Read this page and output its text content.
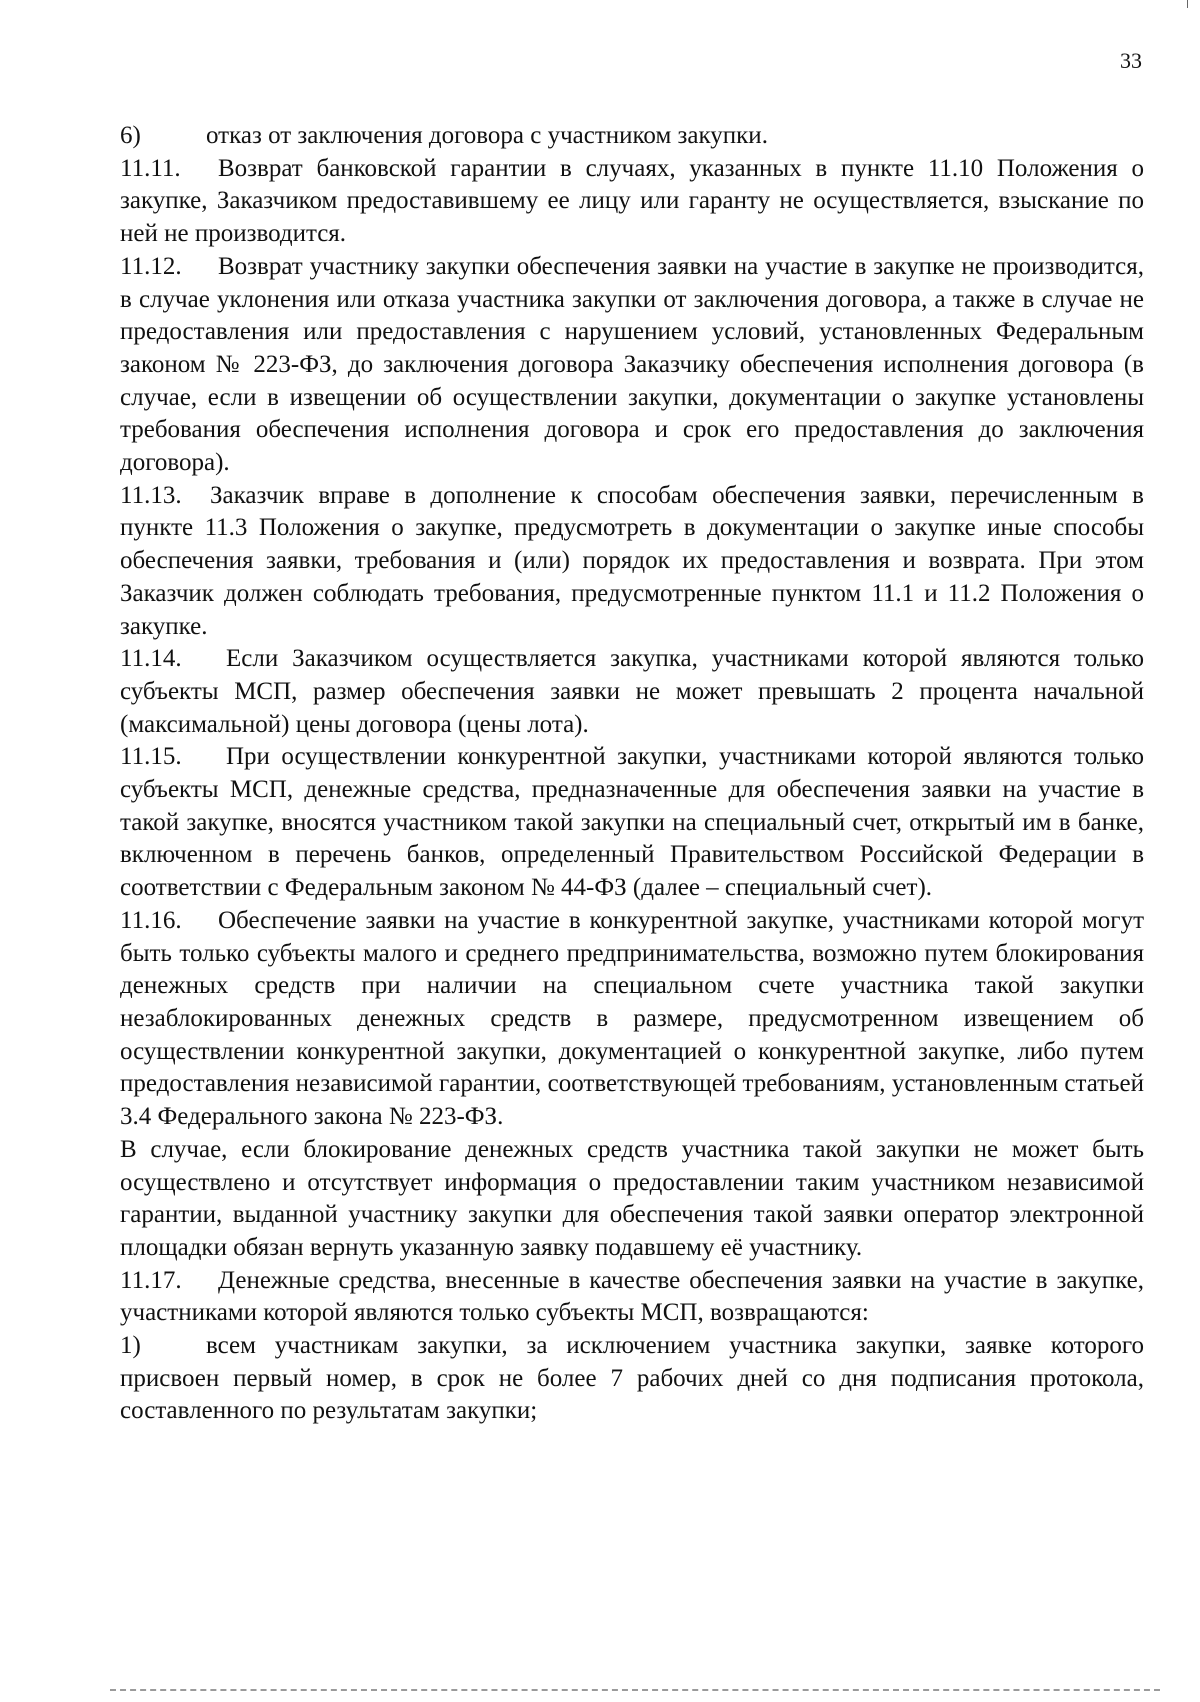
33

6)	отказ от заключения договора с участником закупки.

11.11. Возврат банковской гарантии в случаях, указанных в пункте 11.10 Положения о закупке, Заказчиком предоставившему ее лицу или гаранту не осуществляется, взыскание по ней не производится.

11.12. Возврат участнику закупки обеспечения заявки на участие в закупке не производится, в случае уклонения или отказа участника закупки от заключения договора, а также в случае не предоставления или предоставления с нарушением условий, установленных Федеральным законом № 223-ФЗ, до заключения договора Заказчику обеспечения исполнения договора (в случае, если в извещении об осуществлении закупки, документации о закупке установлены требования обеспечения исполнения договора и срок его предоставления до заключения договора).

11.13. Заказчик вправе в дополнение к способам обеспечения заявки, перечисленным в пункте 11.3 Положения о закупке, предусмотреть в документации о закупке иные способы обеспечения заявки, требования и (или) порядок их предоставления и возврата. При этом Заказчик должен соблюдать требования, предусмотренные пунктом 11.1 и 11.2 Положения о закупке.

11.14. Если Заказчиком осуществляется закупка, участниками которой являются только субъекты МСП, размер обеспечения заявки не может превышать 2 процента начальной (максимальной) цены договора (цены лота).

11.15. При осуществлении конкурентной закупки, участниками которой являются только субъекты МСП, денежные средства, предназначенные для обеспечения заявки на участие в такой закупке, вносятся участником такой закупки на специальный счет, открытый им в банке, включенном в перечень банков, определенный Правительством Российской Федерации в соответствии с Федеральным законом № 44-ФЗ (далее – специальный счет).

11.16. Обеспечение заявки на участие в конкурентной закупке, участниками которой могут быть только субъекты малого и среднего предпринимательства, возможно путем блокирования денежных средств при наличии на специальном счете участника такой закупки незаблокированных денежных средств в размере, предусмотренном извещением об осуществлении конкурентной закупки, документацией о конкурентной закупке, либо путем предоставления независимой гарантии, соответствующей требованиям, установленным статьей 3.4 Федерального закона № 223-ФЗ.

В случае, если блокирование денежных средств участника такой закупки не может быть осуществлено и отсутствует информация о предоставлении таким участником независимой гарантии, выданной участнику закупки для обеспечения такой заявки оператор электронной площадки обязан вернуть указанную заявку подавшему её участнику.

11.17. Денежные средства, внесенные в качестве обеспечения заявки на участие в закупке, участниками которой являются только субъекты МСП, возвращаются:

1)	всем участникам закупки, за исключением участника закупки, заявке которого присвоен первый номер, в срок не более 7 рабочих дней со дня подписания протокола, составленного по результатам закупки;
